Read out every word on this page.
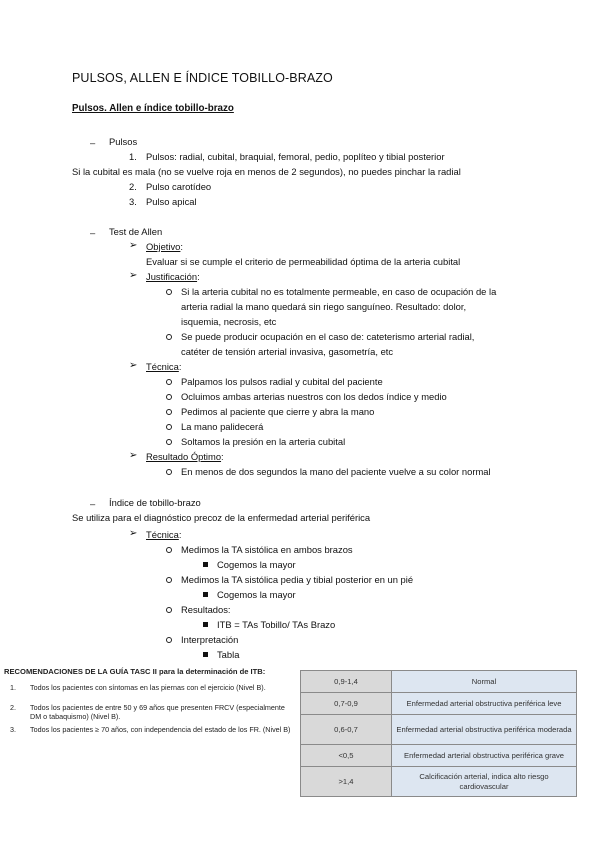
PULSOS, ALLEN E ÍNDICE TOBILLO-BRAZO
Pulsos. Allen e índice tobillo-brazo
– Pulsos
1. Pulsos: radial, cubital, braquial, femoral, pedio, poplíteo y tibial posterior
Si la cubital es mala (no se vuelve roja en menos de 2 segundos), no puedes pinchar la radial
2. Pulso carotídeo
3. Pulso apical
– Test de Allen
➢ Objetivo:
Evaluar si se cumple el criterio de permeabilidad óptima de la arteria cubital
➢ Justificación:
Si la arteria cubital no es totalmente permeable, en caso de ocupación de la
arteria radial la mano quedará sin riego sanguíneo. Resultado: dolor,
isquemia, necrosis, etc
Se puede producir ocupación en el caso de: cateterismo arterial radial,
catéter de tensión arterial invasiva, gasometría, etc
➢ Técnica:
Palpamos los pulsos radial y cubital del paciente
Ocluimos ambas arterias nuestros con los dedos índice y medio
Pedimos al paciente que cierre y abra la mano
La mano palidecerá
Soltamos la presión en la arteria cubital
➢ Resultado Óptimo:
En menos de dos segundos la mano del paciente vuelve a su color normal
– Índice de tobillo-brazo
Se utiliza para el diagnóstico precoz de la enfermedad arterial periférica
➢ Técnica:
Medimos la TA sistólica en ambos brazos
Cogemos la mayor
Medimos la TA sistólica pedia y tibial posterior en un pié
Cogemos la mayor
Resultados:
ITB = TAs Tobillo/ TAs Brazo
Interpretación
Tabla
RECOMENDACIONES DE LA GUÍA TASC II para la determinación de ITB:
1. Todos los pacientes con síntomas en las piernas con el ejercicio (Nivel B).
2. Todos los pacientes de entre 50 y 69 años que presenten FRCV (especialmente DM o tabaquismo) (Nivel B).
3. Todos los pacientes ≥ 70 años, con independencia del estado de los FR. (Nivel B)
0,9-1,4	Normal
0,7-0,9	Enfermedad arterial obstructiva periférica leve
0,6-0,7	Enfermedad arterial obstructiva periférica moderada
<0,5	Enfermedad arterial obstructiva periférica grave
>1,4	Calcificación arterial, indica alto riesgo cardiovascular
